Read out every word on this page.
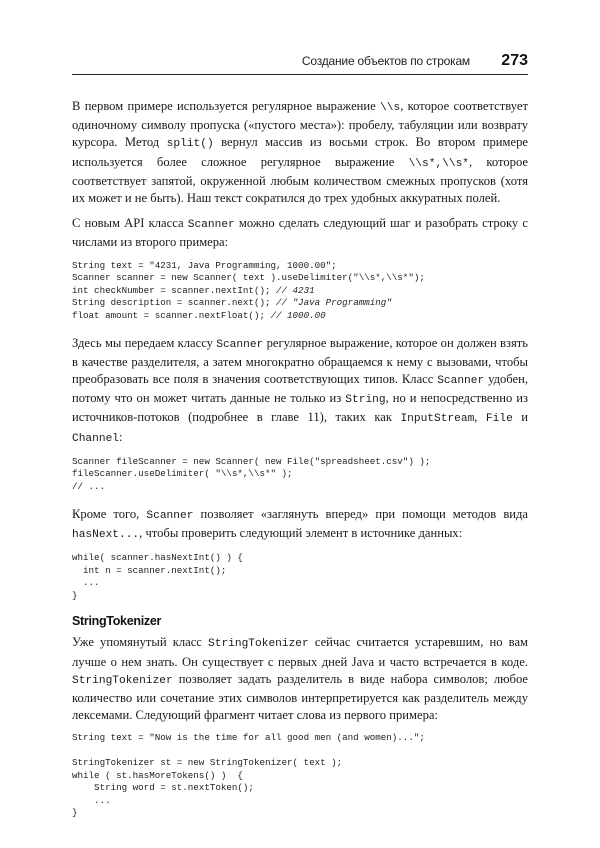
Создание объектов по строкам 273

В первом примере используется регулярное выражение \\s, которое соответствует одиночному символу пропуска («пустого места»): пробелу, табуляции или возврату курсора. Метод split() вернул массив из восьми строк. Во втором примере используется более сложное регулярное выражение \\s*,\\s*, которое соответствует запятой, окруженной любым количеством смежных пропусков (хотя их может и не быть). Наш текст сократился до трех удобных аккуратных полей.

С новым API класса Scanner можно сделать следующий шаг и разобрать строку с числами из второго примера:

String text = "4231, Java Programming, 1000.00";
Scanner scanner = new Scanner( text ).useDelimiter("\\s*,\\s*");
int checkNumber = scanner.nextInt(); // 4231
String description = scanner.next(); // "Java Programming"
float amount = scanner.nextFloat(); // 1000.00

Здесь мы передаем классу Scanner регулярное выражение, которое он должен взять в качестве разделителя, а затем многократно обращаемся к нему с вызовами, чтобы преобразовать все поля в значения соответствующих типов. Класс Scanner удобен, потому что он может читать данные не только из String, но и непосредственно из источников-потоков (подробнее в главе 11), таких как InputStream, File и Channel:

Scanner fileScanner = new Scanner( new File("spreadsheet.csv") );
fileScanner.useDelimiter( "\\s*,\\s*" );
// ...

Кроме того, Scanner позволяет «заглянуть вперед» при помощи методов вида hasNext..., чтобы проверить следующий элемент в источнике данных:

while( scanner.hasNextInt() ) {
int n = scanner.nextInt();
...
}
StringTokenizer

Уже упомянутый класс StringTokenizer сейчас считается устаревшим, но вам лучше о нем знать. Он существует с первых дней Java и часто встречается в коде. StringTokenizer позволяет задать разделитель в виде набора символов; любое количество или сочетание этих символов интерпретируется как разделитель между лексемами. Следующий фрагмент читает слова из первого примера:

String text = "Now is the time for all good men (and women)...";
StringTokenizer st = new StringTokenizer( text );
while ( st.hasMoreTokens() )  {
String word = st.nextToken();
...
}
